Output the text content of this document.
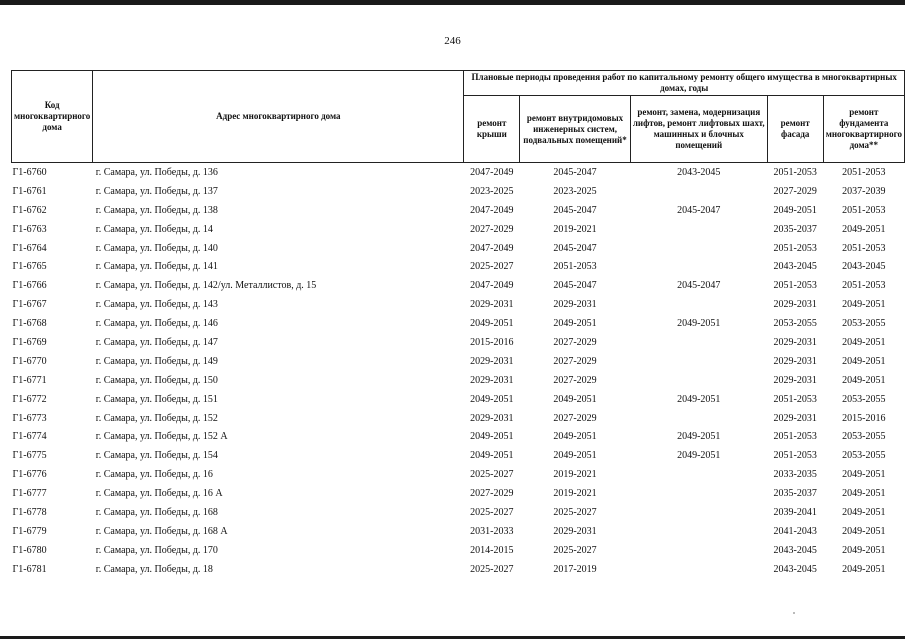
246
Код многоквартирного дома	Адрес многоквартирного дома	Плановые периоды проведения работ по капитальному ремонту общего имущества в многоквартирных домах, годы				
		ремонт крыши	ремонт внутридомовых инженерных систем, подвальных помещений*	ремонт, замена, модернизация лифтов, ремонт лифтовых шахт, машинных и блочных помещений	ремонт фасада	ремонт фундамента многоквартирного дома**
Г1-6760	г. Самара, ул. Победы, д. 136	2047-2049	2045-2047	2043-2045	2051-2053	2051-2053
Г1-6761	г. Самара, ул. Победы, д. 137	2023-2025	2023-2025		2027-2029	2037-2039
Г1-6762	г. Самара, ул. Победы, д. 138	2047-2049	2045-2047	2045-2047	2049-2051	2051-2053
Г1-6763	г. Самара, ул. Победы, д. 14	2027-2029	2019-2021		2035-2037	2049-2051
Г1-6764	г. Самара, ул. Победы, д. 140	2047-2049	2045-2047		2051-2053	2051-2053
Г1-6765	г. Самара, ул. Победы, д. 141	2025-2027	2051-2053		2043-2045	2043-2045
Г1-6766	г. Самара, ул. Победы, д. 142/ул. Металлистов, д. 15	2047-2049	2045-2047	2045-2047	2051-2053	2051-2053
Г1-6767	г. Самара, ул. Победы, д. 143	2029-2031	2029-2031		2029-2031	2049-2051
Г1-6768	г. Самара, ул. Победы, д. 146	2049-2051	2049-2051	2049-2051	2053-2055	2053-2055
Г1-6769	г. Самара, ул. Победы, д. 147	2015-2016	2027-2029		2029-2031	2049-2051
Г1-6770	г. Самара, ул. Победы, д. 149	2029-2031	2027-2029		2029-2031	2049-2051
Г1-6771	г. Самара, ул. Победы, д. 150	2029-2031	2027-2029		2029-2031	2049-2051
Г1-6772	г. Самара, ул. Победы, д. 151	2049-2051	2049-2051	2049-2051	2051-2053	2053-2055
Г1-6773	г. Самара, ул. Победы, д. 152	2029-2031	2027-2029		2029-2031	2015-2016
Г1-6774	г. Самара, ул. Победы, д. 152 А	2049-2051	2049-2051	2049-2051	2051-2053	2053-2055
Г1-6775	г. Самара, ул. Победы, д. 154	2049-2051	2049-2051	2049-2051	2051-2053	2053-2055
Г1-6776	г. Самара, ул. Победы, д. 16	2025-2027	2019-2021		2033-2035	2049-2051
Г1-6777	г. Самара, ул. Победы, д. 16 А	2027-2029	2019-2021		2035-2037	2049-2051
Г1-6778	г. Самара, ул. Победы, д. 168	2025-2027	2025-2027		2039-2041	2049-2051
Г1-6779	г. Самара, ул. Победы, д. 168 А	2031-2033	2029-2031		2041-2043	2049-2051
Г1-6780	г. Самара, ул. Победы, д. 170	2014-2015	2025-2027		2043-2045	2049-2051
Г1-6781	г. Самара, ул. Победы, д. 18	2025-2027	2017-2019		2043-2045	2049-2051
